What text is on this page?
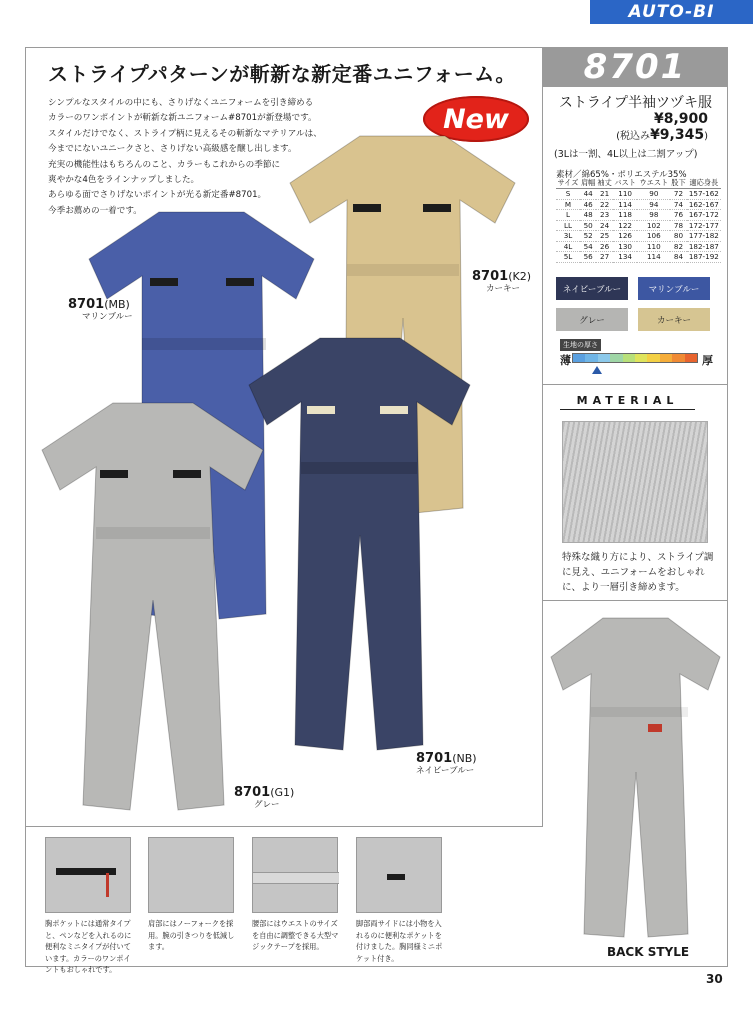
AUTO-BI
ストライプパターンが斬新な新定番ユニフォーム。
シンプルなスタイルの中にも、さりげなくユニフォームを引き締める
カラーのワンポイントが斬新な新ユニフォーム#8701が新登場です。
スタイルだけでなく、ストライプ柄に見えるその斬新なマテリアルは、
今までにないユニークさと、さりげない高級感を醸し出します。
充実の機能性はもちろんのこと、カラーもこれからの季節に
爽やかな4色をラインナップしました。
あらゆる面でさりげないポイントが光る新定番#8701。
今季お薦めの一着です。
New
8701(MB)
マリンブルー
8701(K2)
カーキー
8701(NB)
ネイビーブルー
8701(G1)
グレー
8701
ストライプ半袖ツヅキ服
¥8,900
(税込み¥9,345)
(3Lは一割、4L以上は二割アップ)
素材／綿65%・ポリエステル35%
サイズ	肩幅	袖丈	バスト	ウエスト	股下	適応身長
S	44	21	110	90	72	157-162
M	46	22	114	94	74	162-167
L	48	23	118	98	76	167-172
LL	50	24	122	102	78	172-177
3L	52	25	126	106	80	177-182
4L	54	26	130	110	82	182-187
5L	56	27	134	114	84	187-192
ネイビーブルー	マリンブルー
グレー	カーキー
生地の厚さ
薄	厚
MATERIAL
特殊な織り方により、ストライプ調に見え、ユニフォームをおしゃれに、より一層引き締めます。
BACK STYLE
胸ポケットには通常タイプと、ペンなどを入れるのに便利なミニタイプが付いています。カラーのワンポイントもおしゃれです。
肩部にはノーフォークを採用。腕の引きつりを低減します。
腰部にはウエストのサイズを自由に調整できる大型マジックテープを採用。
脚部両サイドには小物を入れるのに便利なポケットを付けました。胸同様ミニポケット付き。
30
